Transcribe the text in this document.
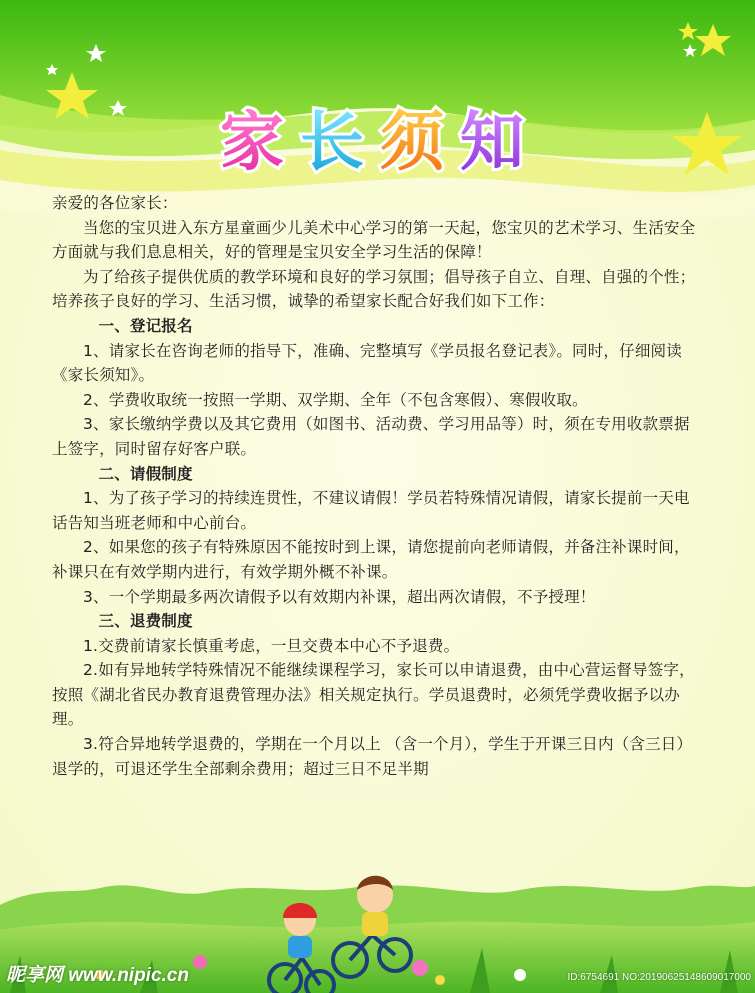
家 长 须 知

亲爱的各位家长：

当您的宝贝进入东方星童画少儿美术中心学习的第一天起，您宝贝的艺术学习、生活安全方面就与我们息息相关，好的管理是宝贝安全学习生活的保障！

为了给孩子提供优质的教学环境和良好的学习氛围；倡导孩子自立、自理、自强的个性；培养孩子良好的学习、生活习惯，诚挚的希望家长配合好我们如下工作：

一、登记报名

1、请家长在咨询老师的指导下，准确、完整填写《学员报名登记表》。同时，仔细阅读《家长须知》。

2、学费收取统一按照一学期、双学期、全年（不包含寒假）、寒假收取。

3、家长缴纳学费以及其它费用（如图书、活动费、学习用品等）时，须在专用收款票据上签字，同时留存好客户联。

二、请假制度

1、为了孩子学习的持续连贯性，不建议请假！学员若特殊情况请假，请家长提前一天电话告知当班老师和中心前台。

2、如果您的孩子有特殊原因不能按时到上课，请您提前向老师请假，并备注补课时间，补课只在有效学期内进行，有效学期外概不补课。

3、一个学期最多两次请假予以有效期内补课，超出两次请假，不予授理！

三、退费制度

1.交费前请家长慎重考虑，一旦交费本中心不予退费。

2.如有异地转学特殊情况不能继续课程学习，家长可以申请退费，由中心营运督导签字，按照《湖北省民办教育退费管理办法》相关规定执行。学员退费时，必须凭学费收据予以办理。

3.符合异地转学退费的，学期在一个月以上 （含一个月），学生于开课三日内（含三日）退学的，可退还学生全部剩余费用；超过三日不足半期

昵享网 www.nipic.cn	ID:6754691 NO:20190625148609017000
